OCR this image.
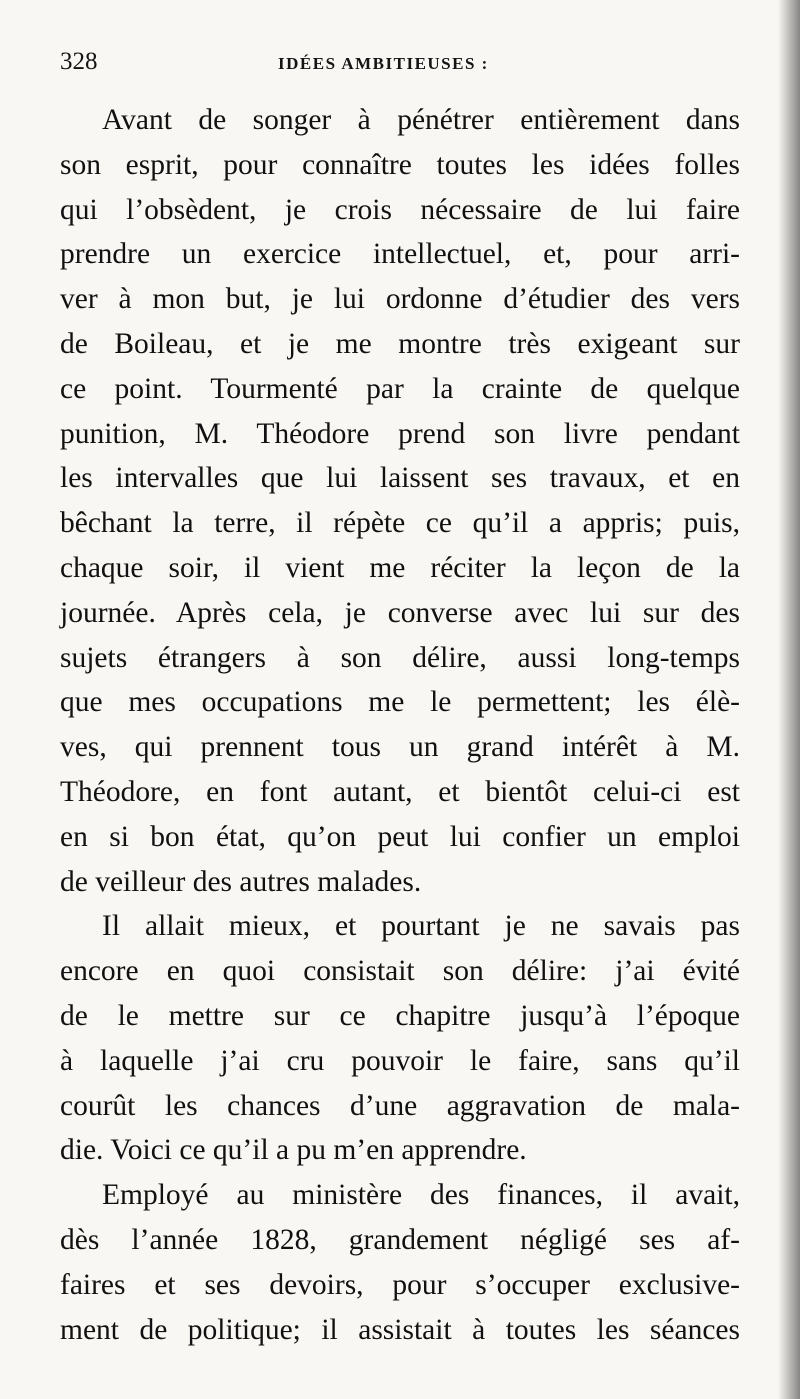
328	IDÉES AMBITIEUSES :
Avant de songer à pénétrer entièrement dans
son esprit, pour connaître toutes les idées folles
qui l’obsèdent, je crois nécessaire de lui faire
prendre un exercice intellectuel, et, pour arri-
ver à mon but, je lui ordonne d’étudier des vers
de Boileau, et je me montre très exigeant sur
ce point. Tourmenté par la crainte de quelque
punition, M. Théodore prend son livre pendant
les intervalles que lui laissent ses travaux, et en
bêchant la terre, il répète ce qu’il a appris; puis,
chaque soir, il vient me réciter la leçon de la
journée. Après cela, je converse avec lui sur des
sujets étrangers à son délire, aussi long-temps
que mes occupations me le permettent; les élè-
ves, qui prennent tous un grand intérêt à M.
Théodore, en font autant, et bientôt celui-ci est
en si bon état, qu’on peut lui confier un emploi
de veilleur des autres malades.
Il allait mieux, et pourtant je ne savais pas
encore en quoi consistait son délire: j’ai évité
de le mettre sur ce chapitre jusqu’à l’époque
à laquelle j’ai cru pouvoir le faire, sans qu’il
courût les chances d’une aggravation de mala-
die. Voici ce qu’il a pu m’en apprendre.
Employé au ministère des finances, il avait,
dès l’année 1828, grandement négligé ses af-
faires et ses devoirs, pour s’occuper exclusive-
ment de politique; il assistait à toutes les séances
